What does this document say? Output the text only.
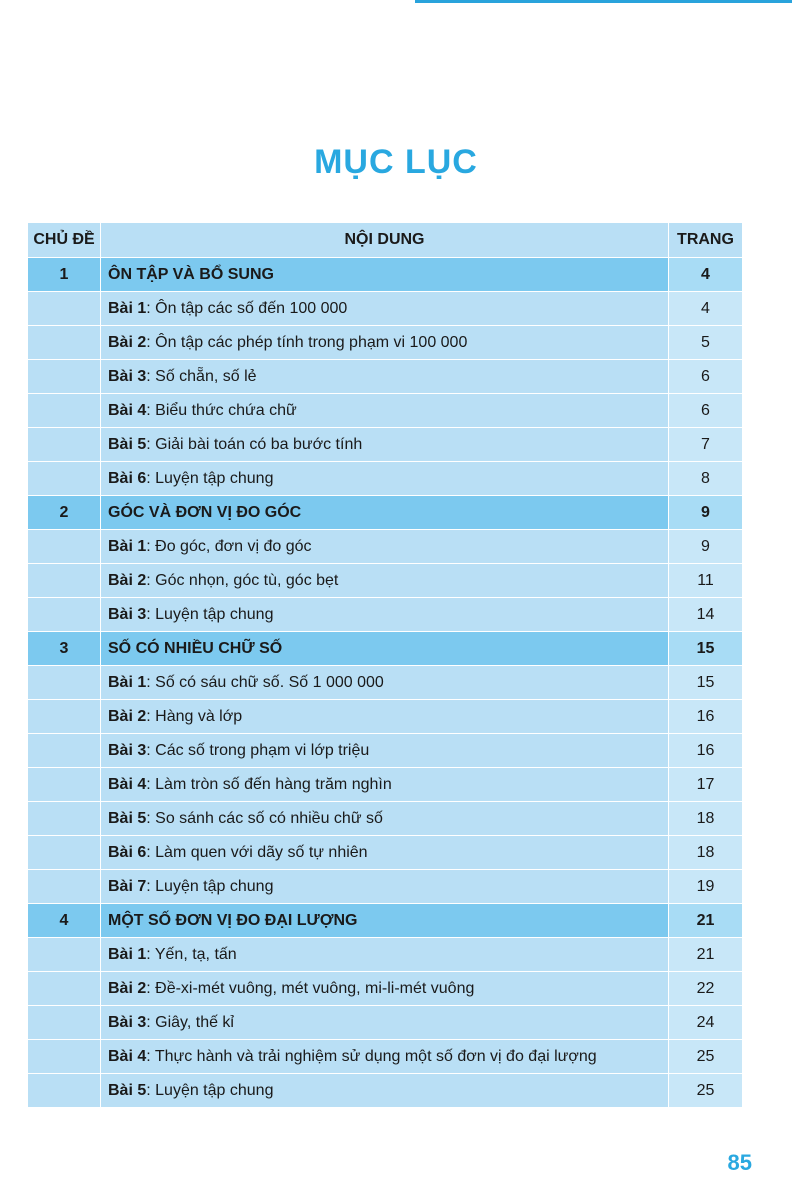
MỤC LỤC
CHỦ ĐỀ	NỘI DUNG	TRANG
1	ÔN TẬP VÀ BỔ SUNG	4
	Bài 1: Ôn tập các số đến 100 000	4
	Bài 2: Ôn tập các phép tính trong phạm vi 100 000	5
	Bài 3: Số chẵn, số lẻ	6
	Bài 4: Biểu thức chứa chữ	6
	Bài 5: Giải bài toán có ba bước tính	7
	Bài 6: Luyện tập chung	8
2	GÓC VÀ ĐƠN VỊ ĐO GÓC	9
	Bài 1: Đo góc, đơn vị đo góc	9
	Bài 2: Góc nhọn, góc tù, góc bẹt	11
	Bài 3: Luyện tập chung	14
3	SỐ CÓ NHIỀU CHỮ SỐ	15
	Bài 1: Số có sáu chữ số. Số 1 000 000	15
	Bài 2: Hàng và lớp	16
	Bài 3: Các số trong phạm vi lớp triệu	16
	Bài 4: Làm tròn số đến hàng trăm nghìn	17
	Bài 5: So sánh các số có nhiều chữ số	18
	Bài 6: Làm quen với dãy số tự nhiên	18
	Bài 7: Luyện tập chung	19
4	MỘT SỐ ĐƠN VỊ ĐO ĐẠI LƯỢNG	21
	Bài 1: Yến, tạ, tấn	21
	Bài 2: Đề-xi-mét vuông, mét vuông, mi-li-mét vuông	22
	Bài 3: Giây, thế kỉ	24
	Bài 4: Thực hành và trải nghiệm sử dụng một số đơn vị đo đại lượng	25
	Bài 5: Luyện tập chung	25
85
